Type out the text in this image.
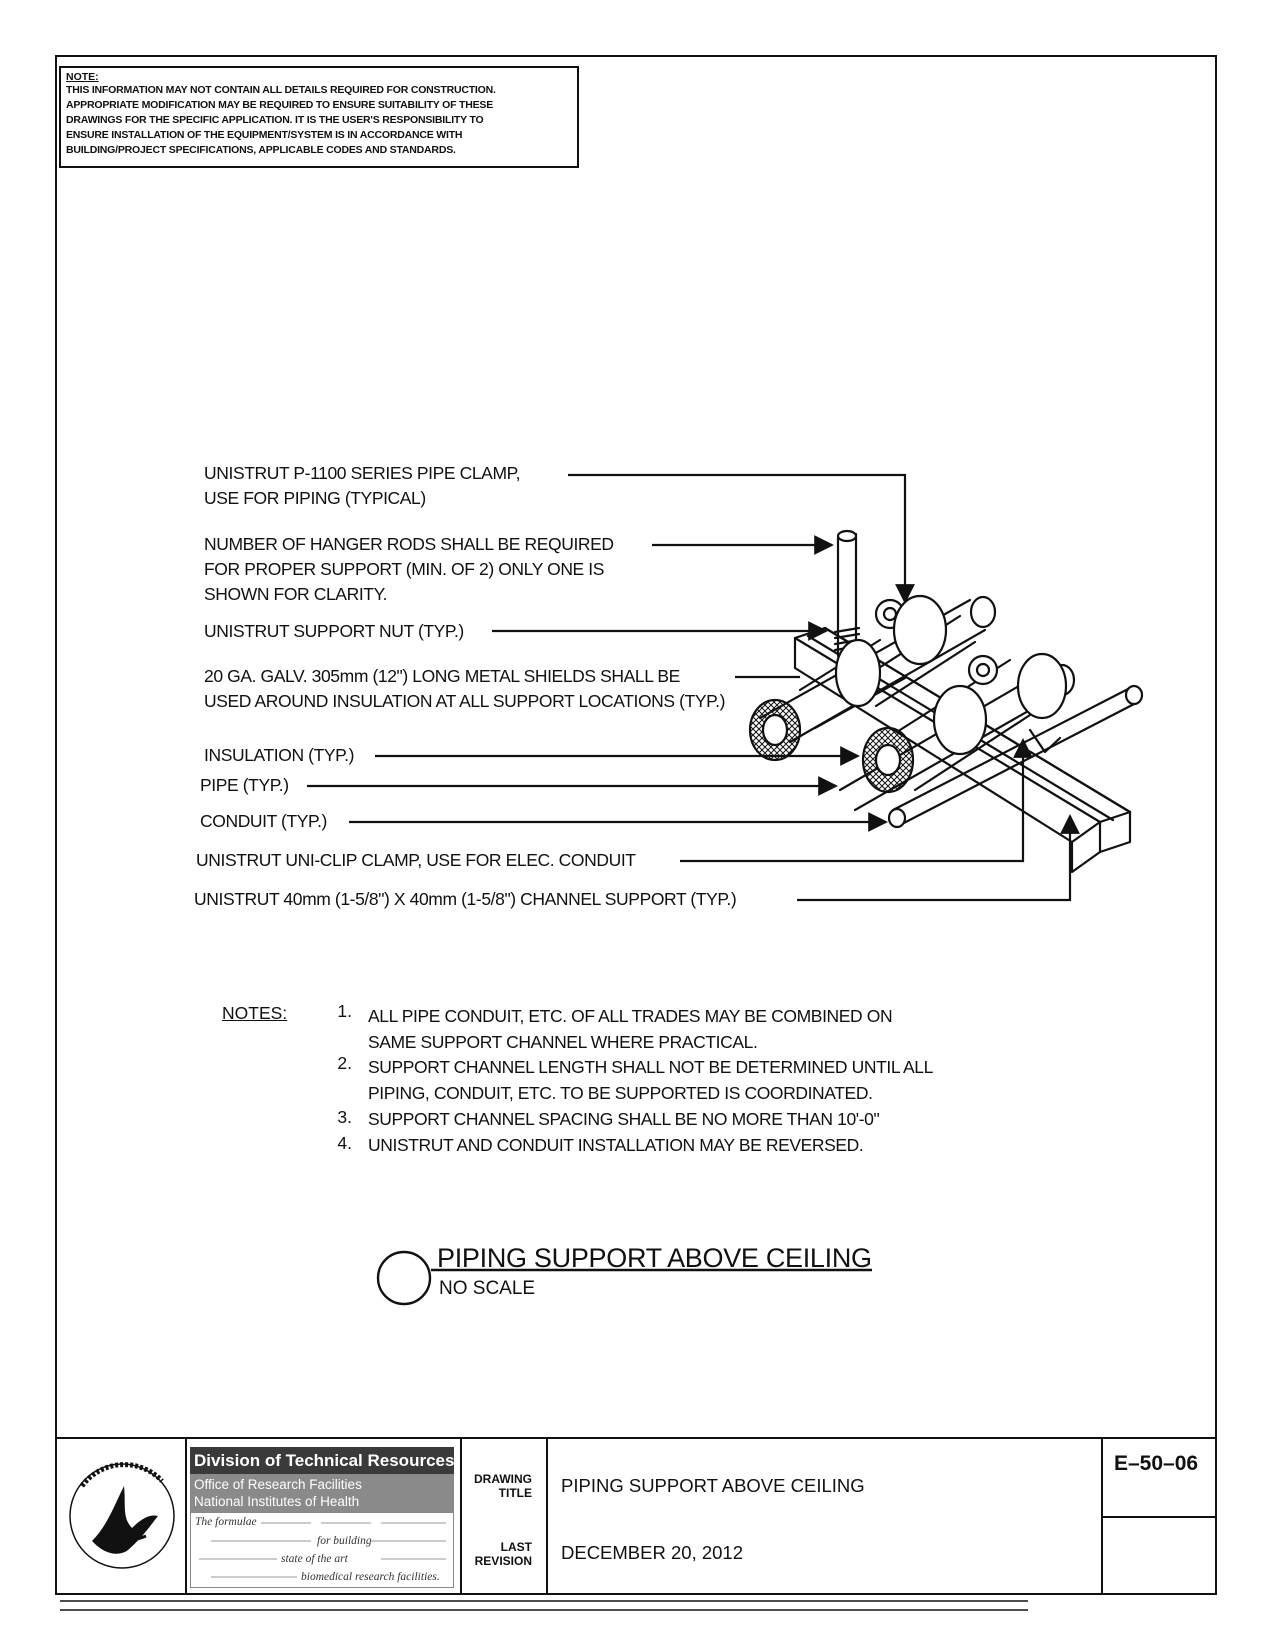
NOTE:
THIS INFORMATION MAY NOT CONTAIN ALL DETAILS REQUIRED FOR CONSTRUCTION.
APPROPRIATE MODIFICATION MAY BE REQUIRED TO ENSURE SUITABILITY OF THESE
DRAWINGS FOR THE SPECIFIC APPLICATION. IT IS THE USER'S RESPONSIBILITY TO
ENSURE INSTALLATION OF THE EQUIPMENT/SYSTEM IS IN ACCORDANCE WITH
BUILDING/PROJECT SPECIFICATIONS, APPLICABLE CODES AND STANDARDS.
UNISTRUT P-1100 SERIES PIPE CLAMP,
USE FOR PIPING (TYPICAL)
NUMBER OF HANGER RODS SHALL BE REQUIRED
FOR PROPER SUPPORT (MIN. OF 2) ONLY ONE IS
SHOWN FOR CLARITY.
UNISTRUT SUPPORT NUT (TYP.)
20 GA. GALV. 305mm (12") LONG METAL SHIELDS SHALL BE
USED AROUND INSULATION AT ALL SUPPORT LOCATIONS (TYP.)
INSULATION (TYP.)
PIPE (TYP.)
CONDUIT (TYP.)
UNISTRUT UNI-CLIP CLAMP, USE FOR ELEC. CONDUIT
UNISTRUT 40mm (1-5/8") X 40mm (1-5/8") CHANNEL SUPPORT (TYP.)
NOTES:	1. ALL PIPE CONDUIT, ETC. OF ALL TRADES MAY BE COMBINED ON
SAME SUPPORT CHANNEL WHERE PRACTICAL.
2. SUPPORT CHANNEL LENGTH SHALL NOT BE DETERMINED UNTIL ALL
PIPING, CONDUIT, ETC. TO BE SUPPORTED IS COORDINATED.
3. SUPPORT CHANNEL SPACING SHALL BE NO MORE THAN 10'-0"
4. UNISTRUT AND CONDUIT INSTALLATION MAY BE REVERSED.
PIPING SUPPORT ABOVE CEILING
NO SCALE
Division of Technical Resources
Office of Research Facilities
National Institutes of Health
The formulae
for building
state of the art
biomedical research facilities.
DRAWING
TITLE PIPING SUPPORT ABOVE CEILING
LAST
REVISION DECEMBER 20, 2012
E–50–06
